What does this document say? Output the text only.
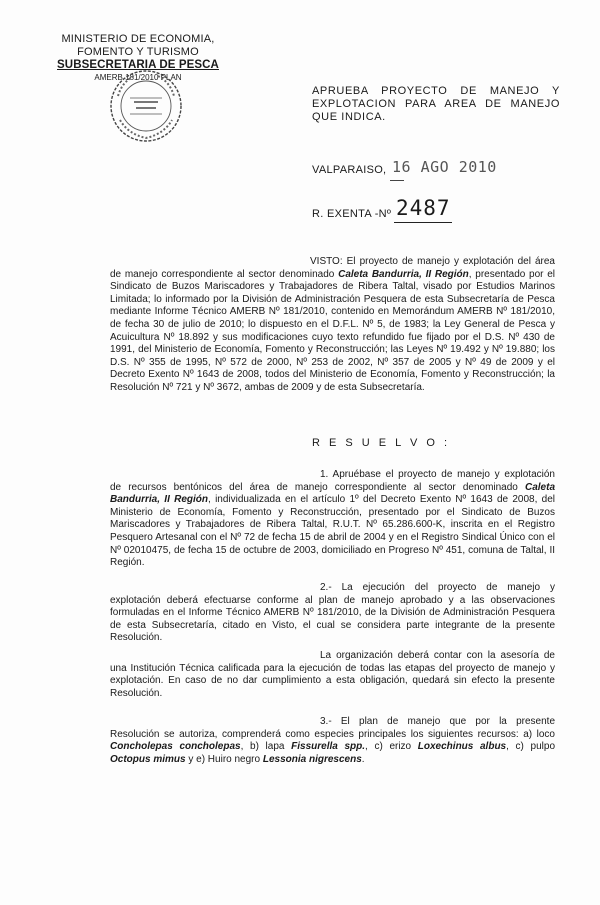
MINISTERIO DE ECONOMIA,
FOMENTO Y TURISMO
SUBSECRETARIA DE PESCA
AMERB 181/2010 PLAN
APRUEBA PROYECTO DE MANEJO Y EXPLOTACION PARA AREA DE MANEJO QUE INDICA.
VALPARAISO, 16 AGO 2010
R. EXENTA -Nº 2487
VISTO: El proyecto de manejo y explotación del área de manejo correspondiente al sector denominado Caleta Bandurria, II Región, presentado por el Sindicato de Buzos Mariscadores y Trabajadores de Ribera Taltal, visado por Estudios Marinos Limitada; lo informado por la División de Administración Pesquera de esta Subsecretaría de Pesca mediante Informe Técnico AMERB Nº 181/2010, contenido en Memorándum AMERB Nº 181/2010, de fecha 30 de julio de 2010; lo dispuesto en el D.F.L. Nº 5, de 1983; la Ley General de Pesca y Acuicultura Nº 18.892 y sus modificaciones cuyo texto refundido fue fijado por el D.S. Nº 430 de 1991, del Ministerio de Economía, Fomento y Reconstrucción; las Leyes Nº 19.492 y Nº 19.880; los D.S. Nº 355 de 1995, Nº 572 de 2000, Nº 253 de 2002, Nº 357 de 2005 y Nº 49 de 2009 y el Decreto Exento Nº 1643 de 2008, todos del Ministerio de Economía, Fomento y Reconstrucción; la Resolución Nº 721 y Nº 3672, ambas de 2009 y de esta Subsecretaría.
R E S U E L V O :
1. Apruébase el proyecto de manejo y explotación de recursos bentónicos del área de manejo correspondiente al sector denominado Caleta Bandurria, II Región, individualizada en el artículo 1º del Decreto Exento Nº 1643 de 2008, del Ministerio de Economía, Fomento y Reconstrucción, presentado por el Sindicato de Buzos Mariscadores y Trabajadores de Ribera Taltal, R.U.T. Nº 65.286.600-K, inscrita en el Registro Pesquero Artesanal con el Nº 72 de fecha 15 de abril de 2004 y en el Registro Sindical Único con el Nº 02010475, de fecha 15 de octubre de 2003, domiciliado en Progreso Nº 451, comuna de Taltal, II Región.
2.- La ejecución del proyecto de manejo y explotación deberá efectuarse conforme al plan de manejo aprobado y a las observaciones formuladas en el Informe Técnico AMERB Nº 181/2010, de la División de Administración Pesquera de esta Subsecretaría, citado en Visto, el cual se considera parte integrante de la presente Resolución.
La organización deberá contar con la asesoría de una Institución Técnica calificada para la ejecución de todas las etapas del proyecto de manejo y explotación. En caso de no dar cumplimiento a esta obligación, quedará sin efecto la presente Resolución.
3.- El plan de manejo que por la presente Resolución se autoriza, comprenderá como especies principales los siguientes recursos: a) loco Concholepas concholepas, b) lapa Fissurella spp., c) erizo Loxechinus albus, c) pulpo Octopus mimus y e) Huiro negro Lessonia nigrescens.
